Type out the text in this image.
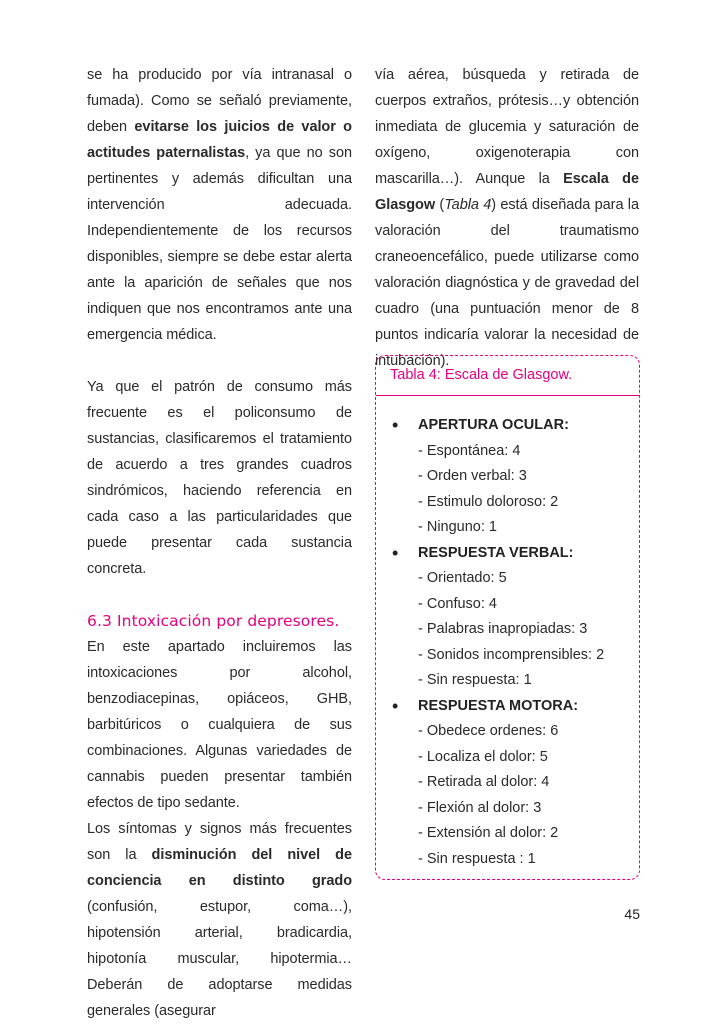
se ha producido por vía intranasal o fumada). Como se señaló previamente, deben evitarse los juicios de valor o actitudes paternalistas, ya que no son pertinentes y además dificultan una intervención adecuada. Independientemente de los recursos disponibles, siempre se debe estar alerta ante la aparición de señales que nos indiquen que nos encontramos ante una emergencia médica.

Ya que el patrón de consumo más frecuente es el policonsumo de sustancias, clasificaremos el tratamiento de acuerdo a tres grandes cuadros sindrómicos, haciendo referencia en cada caso a las particularidades que puede presentar cada sustancia concreta.

6.3 Intoxicación por depresores.

En este apartado incluiremos las intoxicaciones por alcohol, benzodiacepinas, opiáceos, GHB, barbitúricos o cualquiera de sus combinaciones. Algunas variedades de cannabis pueden presentar también efectos de tipo sedante.

Los síntomas y signos más frecuentes son la disminución del nivel de conciencia en distinto grado (confusión, estupor, coma…), hipotensión arterial, bradicardia, hipotonía muscular, hipotermia… Deberán de adoptarse medidas generales (asegurar

vía aérea, búsqueda y retirada de cuerpos extraños, prótesis…y obtención inmediata de glucemia y saturación de oxígeno, oxigenoterapia con mascarilla…). Aunque la Escala de Glasgow (Tabla 4) está diseñada para la valoración del traumatismo craneoencefálico, puede utilizarse como valoración diagnóstica y de gravedad del cuadro (una puntuación menor de 8 puntos indicaría valorar la necesidad de intubación).

Tabla 4: Escala de Glasgow.
• APERTURA OCULAR:
- Espontánea: 4
- Orden verbal: 3
- Estimulo doloroso: 2
- Ninguno: 1
• RESPUESTA VERBAL:
- Orientado: 5
- Confuso: 4
- Palabras inapropiadas: 3
- Sonidos incomprensibles: 2
- Sin respuesta: 1
• RESPUESTA MOTORA:
- Obedece ordenes: 6
- Localiza el dolor: 5
- Retirada al dolor: 4
- Flexión al dolor: 3
- Extensión al dolor: 2
- Sin respuesta : 1
45
